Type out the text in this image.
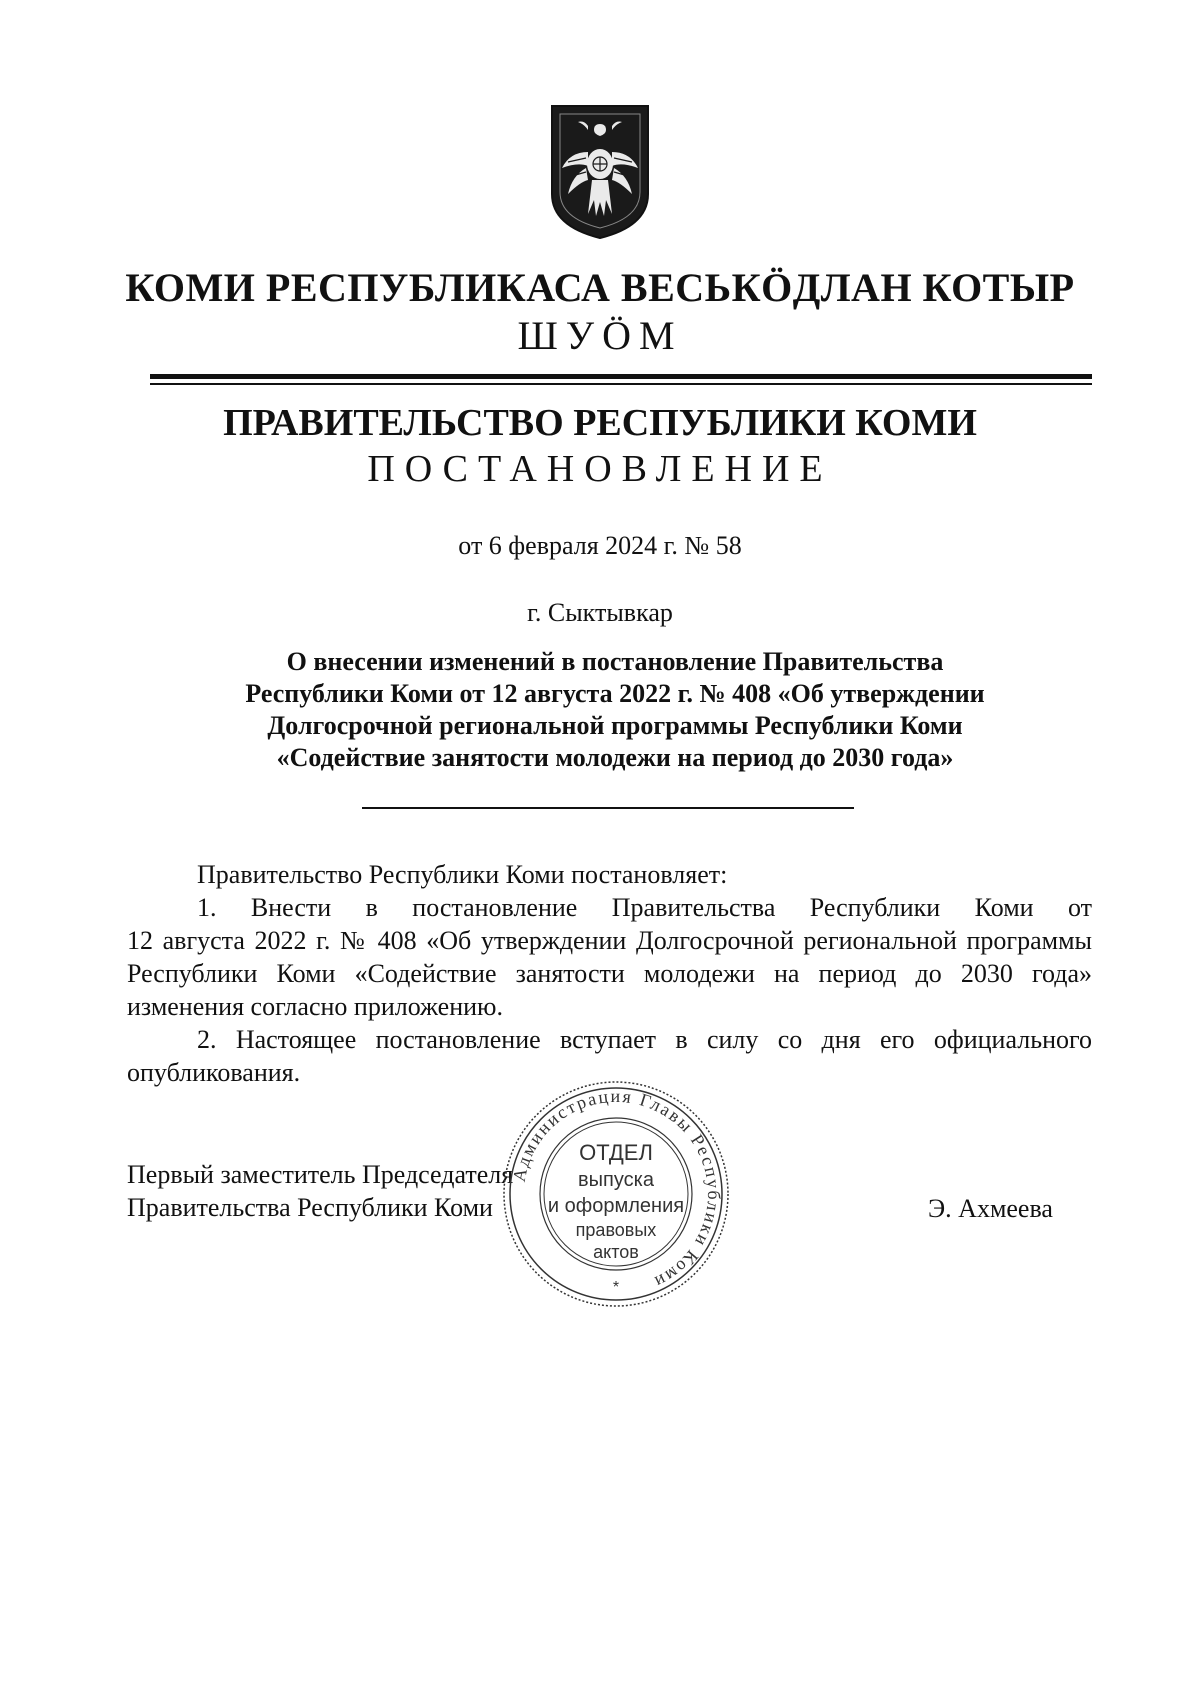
КОМИ РЕСПУБЛИКАСА ВЕСЬКӦДЛАН КОТЫР
ШУӦМ
ПРАВИТЕЛЬСТВО РЕСПУБЛИКИ КОМИ
ПОСТАНОВЛЕНИЕ
от 6 февраля 2024 г. № 58
г. Сыктывкар
О внесении изменений в постановление Правительства
Республики Коми от 12 августа 2022 г. № 408 «Об утверждении
Долгосрочной региональной программы Республики Коми
«Содействие занятости молодежи на период до 2030 года»

Правительство Республики Коми постановляет:

1. Внести в постановление Правительства Республики Коми от

12 августа 2022 г. № 408 «Об утверждении Долгосрочной региональной программы Республики Коми «Содействие занятости молодежи на период до 2030 года» изменения согласно приложению.

2. Настоящее постановление вступает в силу со дня его официального опубликования.

Первый заместитель Председателя
Правительства Республики Коми	Э. Ахмеева
Администрация Главы Республики Коми
ОТДЕЛ
выпуска
и оформления
правовых
актов
*
